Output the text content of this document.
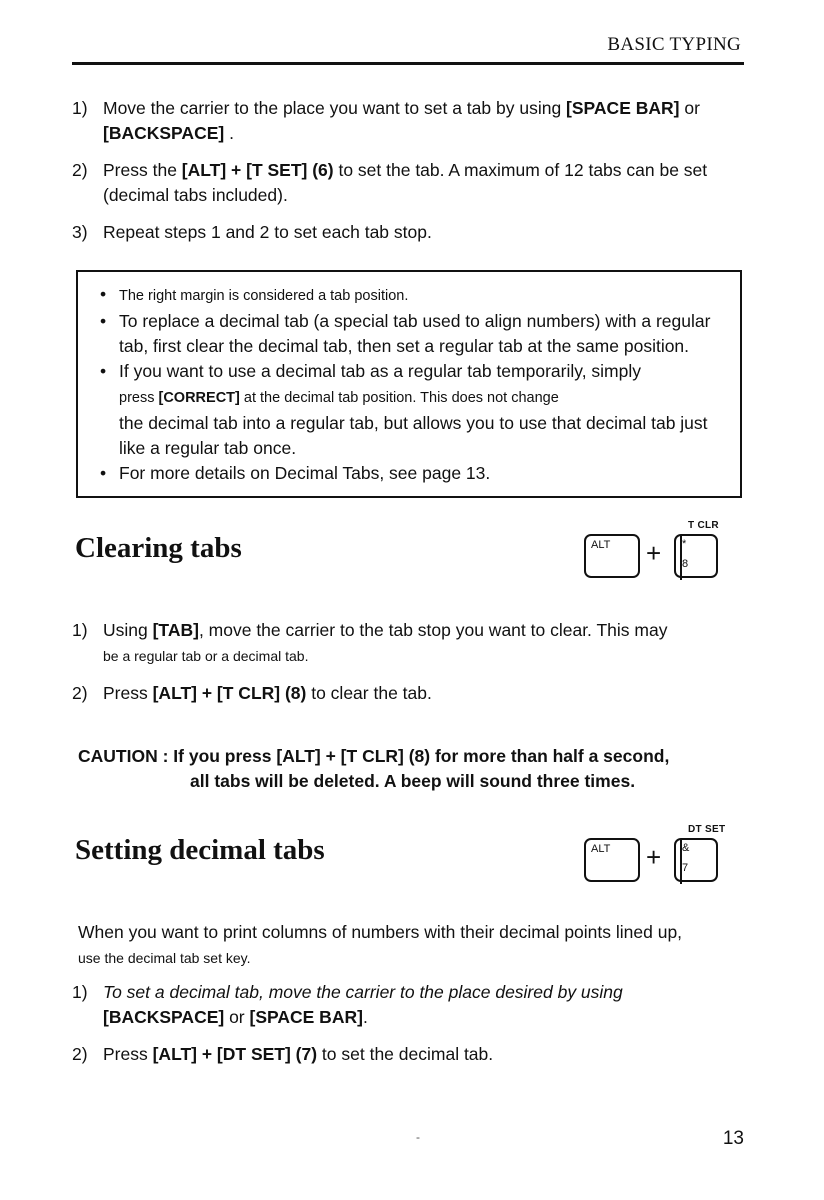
BASIC TYPING
1) Move the carrier to the place you want to set a tab by using [SPACE BAR] or [BACKSPACE] .
2) Press the [ALT] + [T SET] (6) to set the tab. A maximum of 12 tabs can be set (decimal tabs included).
3) Repeat steps 1 and 2 to set each tab stop.
• The right margin is considered a tab position.
• To replace a decimal tab (a special tab used to align numbers) with a regular tab, first clear the decimal tab, then set a regular tab at the same position.
• If you want to use a decimal tab as a regular tab temporarily, simply
press [CORRECT] at the decimal tab position. This does not change
the decimal tab into a regular tab, but allows you to use that decimal tab just like a regular tab once.
• For more details on Decimal Tabs, see page 13.
Clearing tabs
T CLR
ALT + *
8
1) Using [TAB], move the carrier to the tab stop you want to clear. This may
be a regular tab or a decimal tab.
2) Press [ALT] + [T CLR] (8) to clear the tab.
CAUTION : If you press [ALT] + [T CLR] (8) for more than half a second,
all tabs will be deleted. A beep will sound three times.
Setting decimal tabs
DT SET
ALT + &
7
When you want to print columns of numbers with their decimal points lined up,
use the decimal tab set key.
1) To set a decimal tab, move the carrier to the place desired by using
[BACKSPACE] or [SPACE BAR].
2) Press [ALT] + [DT SET] (7) to set the decimal tab.
-	13
